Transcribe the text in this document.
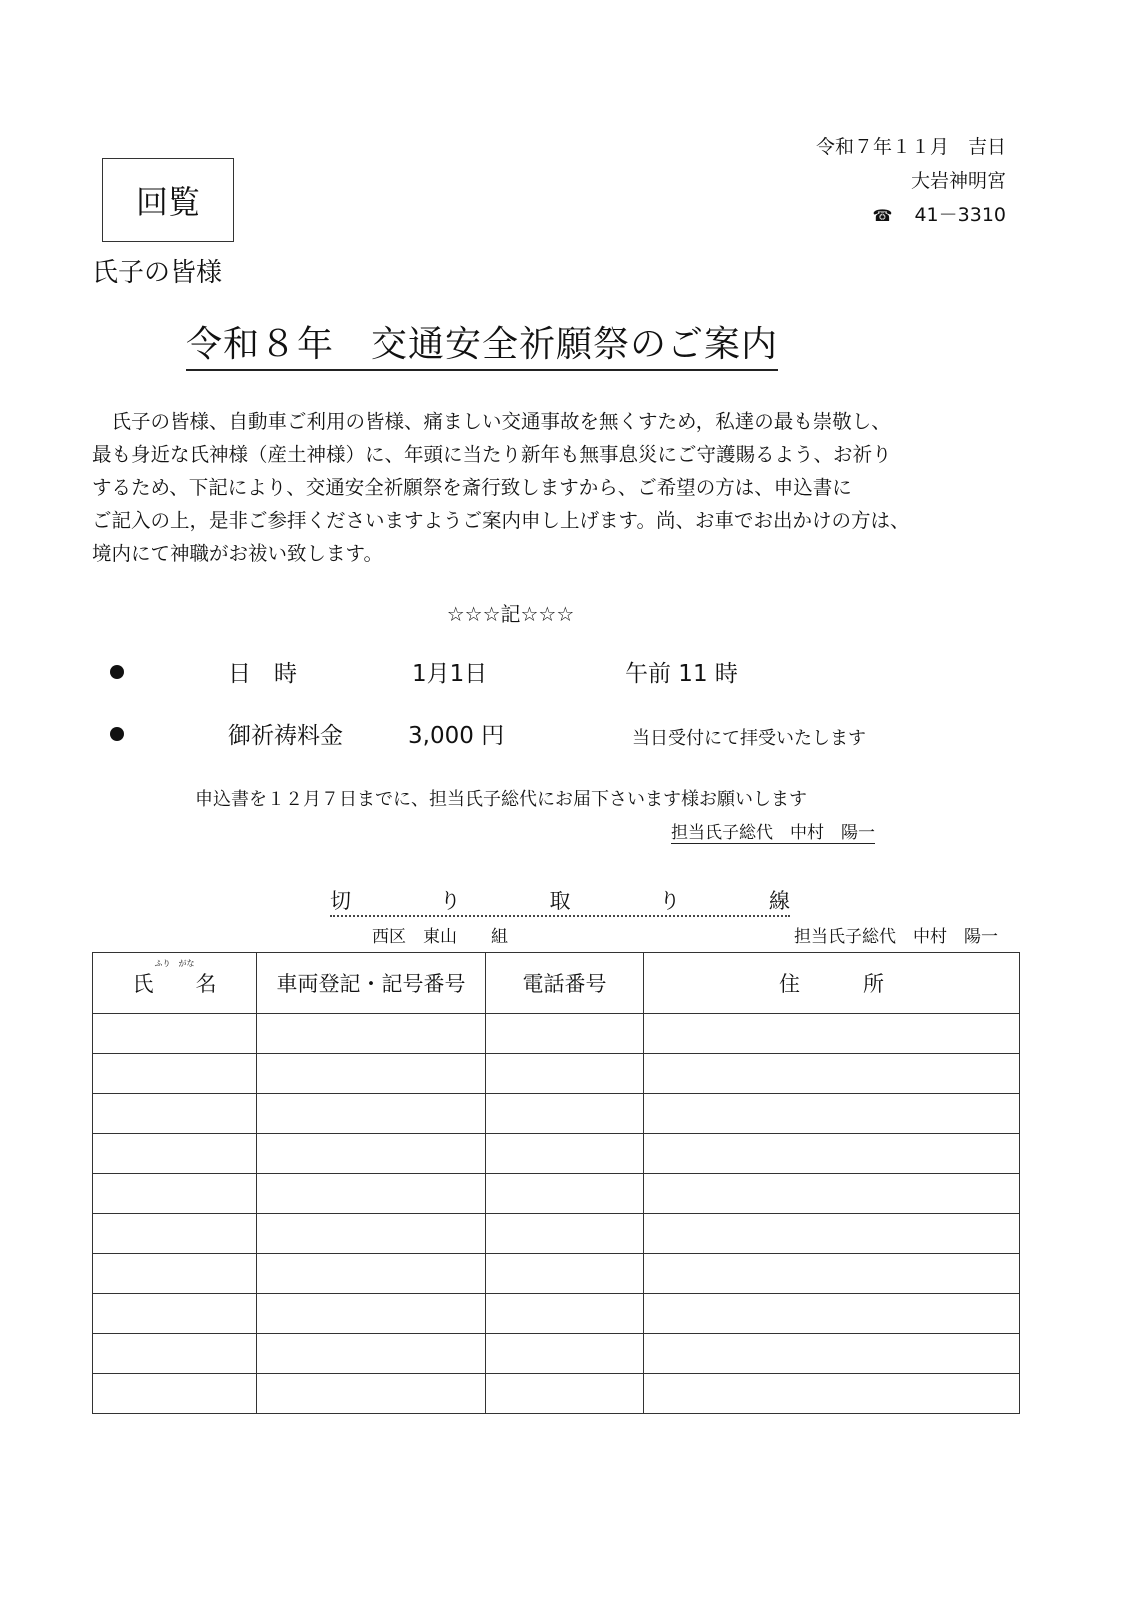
令和７年１１月　吉日
大岩神明宮
☎ 41－3310
回覧
氏子の皆様
令和８年　交通安全祈願祭のご案内

　氏子の皆様、自動車ご利用の皆様、痛ましい交通事故を無くすため，私達の最も崇敬し、

最も身近な氏神様（産土神様）に、年頭に当たり新年も無事息災にご守護賜るよう、お祈り

するため、下記により、交通安全祈願祭を斎行致しますから、ご希望の方は、申込書に

ご記入の上，是非ご参拝くださいますようご案内申し上げます。尚、お車でお出かけの方は、

境内にて神職がお祓い致します。

☆☆☆記☆☆☆
日　時	1月1日	午前 11 時
御祈祷料金	3,000 円	当日受付にて拝受いたします
申込書を１２月７日までに、担当氏子総代にお届下さいます様お願いします
担当氏子総代　中村　陽一
切	り	取	り	線
西区　東山　　組	担当氏子総代　中村　陽一
ふり　がな
氏　　名	車両登記・記号番号	電話番号	住　　　所
